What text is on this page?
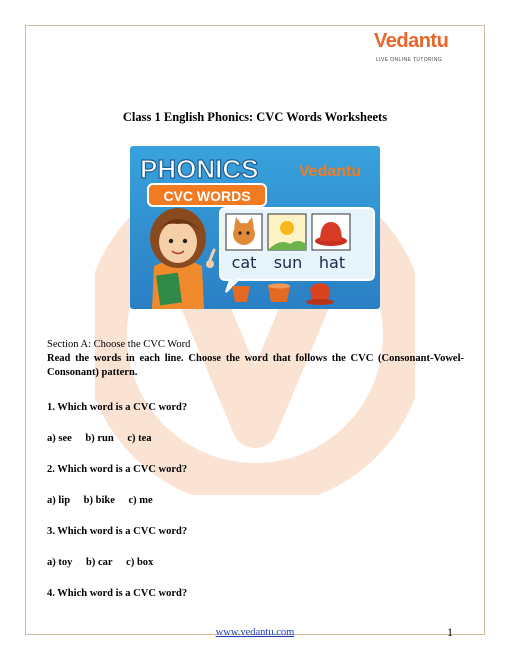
Vedantu
LIVE ONLINE TUTORING
Class 1 English Phonics: CVC Words Worksheets
PHONICS
CVC WORDS
Vedantu
cat sun hat
Section A: Choose the CVC Word
Read the words in each line. Choose the word that follows the CVC (Consonant-Vowel-Consonant) pattern.
1. Which word is a CVC word?
a) see b) run c) tea
2. Which word is a CVC word?
a) lip b) bike c) me
3. Which word is a CVC word?
a) toy b) car c) box
4. Which word is a CVC word?
www.vedantu.com	1
